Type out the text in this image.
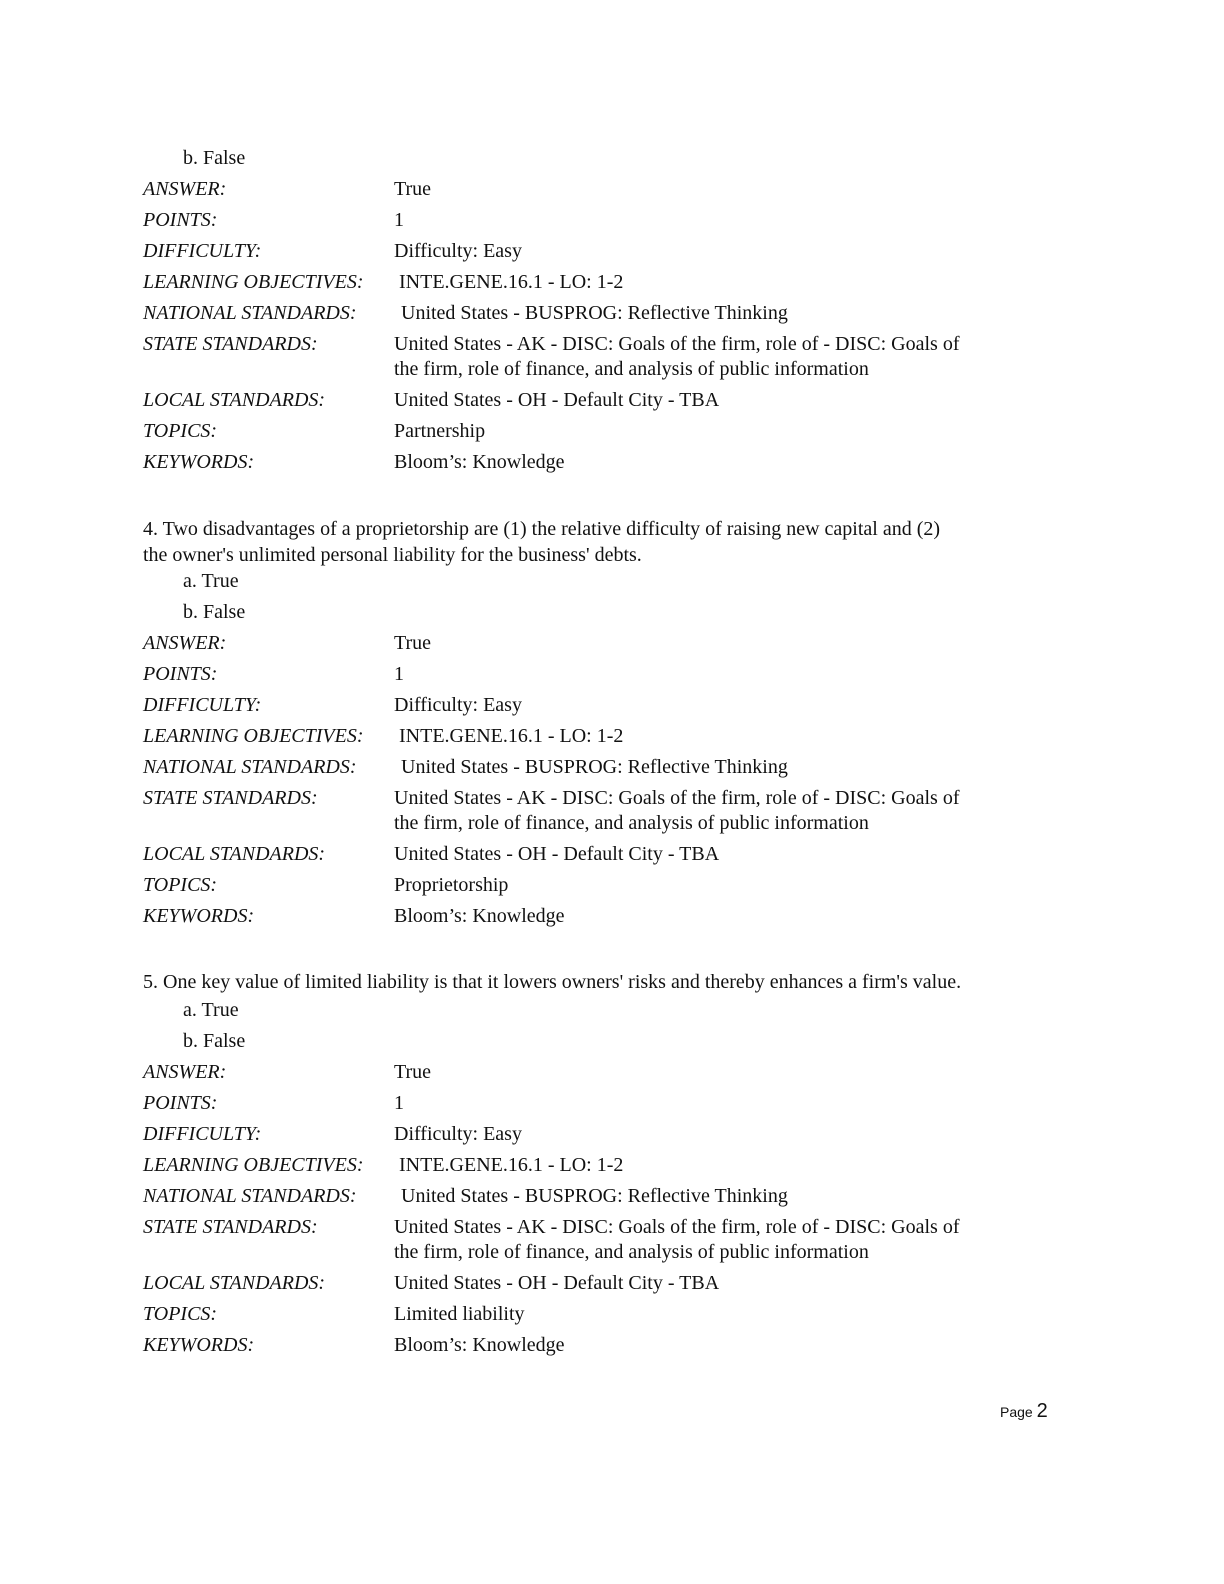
b. False
ANSWER:	True
POINTS:	1
DIFFICULTY:	Difficulty: Easy
LEARNING OBJECTIVES: INTE.GENE.16.1 - LO: 1-2
NATIONAL STANDARDS: United States - BUSPROG: Reflective Thinking
STATE STANDARDS:	United States - AK - DISC: Goals of the firm, role of - DISC: Goals of
the firm, role of finance, and analysis of public information
LOCAL STANDARDS:	United States - OH - Default City - TBA
TOPICS:	Partnership
KEYWORDS:	Bloom’s: Knowledge
4. Two disadvantages of a proprietorship are (1) the relative difficulty of raising new capital and (2)
the owner's unlimited personal liability for the business' debts.
a. True
b. False
ANSWER:	True
POINTS:	1
DIFFICULTY:	Difficulty: Easy
LEARNING OBJECTIVES: INTE.GENE.16.1 - LO: 1-2
NATIONAL STANDARDS: United States - BUSPROG: Reflective Thinking
STATE STANDARDS:	United States - AK - DISC: Goals of the firm, role of - DISC: Goals of
the firm, role of finance, and analysis of public information
LOCAL STANDARDS:	United States - OH - Default City - TBA
TOPICS:	Proprietorship
KEYWORDS:	Bloom’s: Knowledge
5. One key value of limited liability is that it lowers owners' risks and thereby enhances a firm's value.
a. True
b. False
ANSWER:	True
POINTS:	1
DIFFICULTY:	Difficulty: Easy
LEARNING OBJECTIVES: INTE.GENE.16.1 - LO: 1-2
NATIONAL STANDARDS: United States - BUSPROG: Reflective Thinking
STATE STANDARDS:	United States - AK - DISC: Goals of the firm, role of - DISC: Goals of
the firm, role of finance, and analysis of public information
LOCAL STANDARDS:	United States - OH - Default City - TBA
TOPICS:	Limited liability
KEYWORDS:	Bloom’s: Knowledge
Page 2
